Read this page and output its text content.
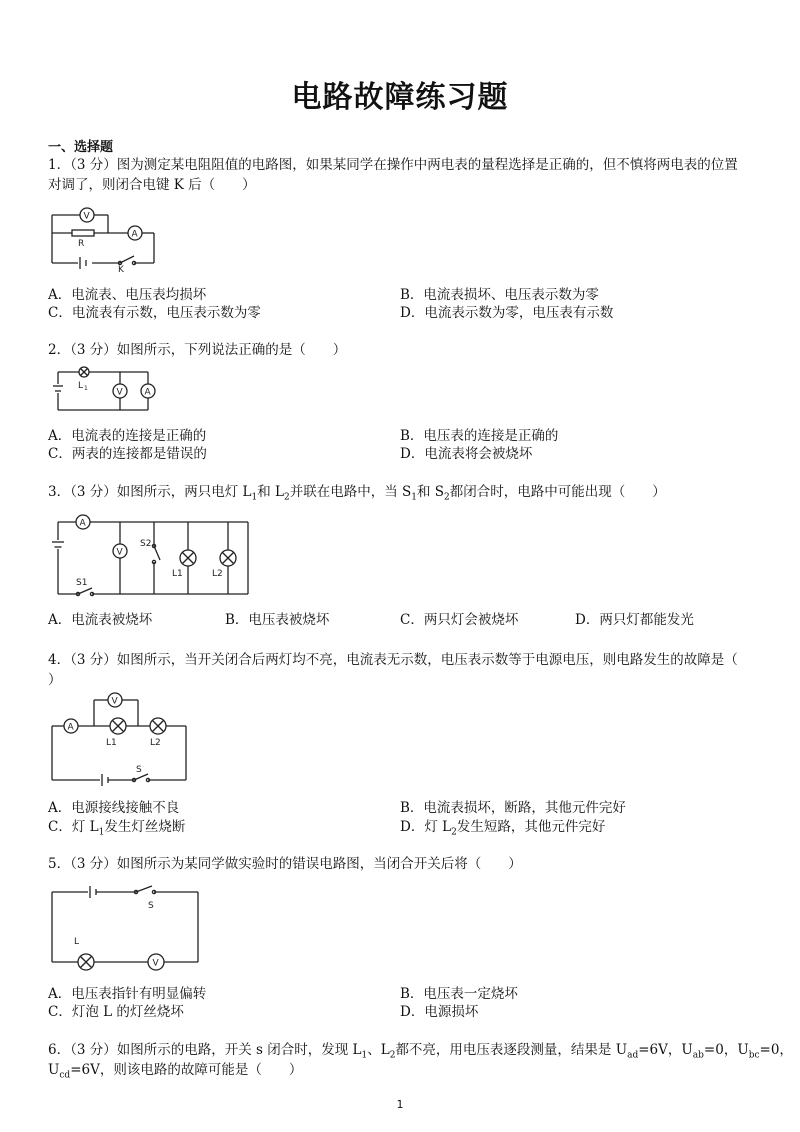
电路故障练习题
一、选择题
1．（3 分）图为测定某电阻阻值的电路图，如果某同学在操作中两电表的量程选择是正确的，但不慎将两电表的位置
对调了，则闭合电键 K 后（　　）
K
R
V
A
A．电流表、电压表均损坏	B．电流表损坏、电压表示数为零
C．电流表有示数，电压表示数为零	D．电流表示数为零，电压表有示数
2．（3 分）如图所示，下列说法正确的是（　　）
L 1	V A
A．电流表的连接是正确的	B．电压表的连接是正确的
C．两表的连接都是错误的	D．电流表将会被烧坏
3．（3 分）如图所示，两只电灯 $L_1$和 $L_2$并联在电路中，当 $S_1$和 $S_2$都闭合时，电路中可能出现（　　）
A
S1
V
S2
L1	L2
A．电流表被烧坏	B．电压表被烧坏	C．两只灯会被烧坏	D．两只灯都能发光
4．（3 分）如图所示，当开关闭合后两灯均不亮，电流表无示数，电压表示数等于电源电压，则电路发生的故障是（
）
A
L1	L2
V
S
A．电源接线接触不良	B．电流表损坏，断路，其他元件完好
C．灯 $L_1$发生灯丝烧断	D．灯 $L_2$发生短路，其他元件完好
5．（3 分）如图所示为某同学做实验时的错误电路图，当闭合开关后将（　　）
S
L
V
A．电压表指针有明显偏转	B．电压表一定烧坏
C．灯泡 L 的灯丝烧坏	D．电源损坏
6．（3 分）如图所示的电路，开关 s 闭合时，发现 $L_1$、$L_2$都不亮，用电压表逐段测量，结果是 $U_{ad}=6V$，$U_{ab}=0$，$U_{bc}=0$，
$U_{cd}=6V$，则该电路的故障可能是（　　）
1
